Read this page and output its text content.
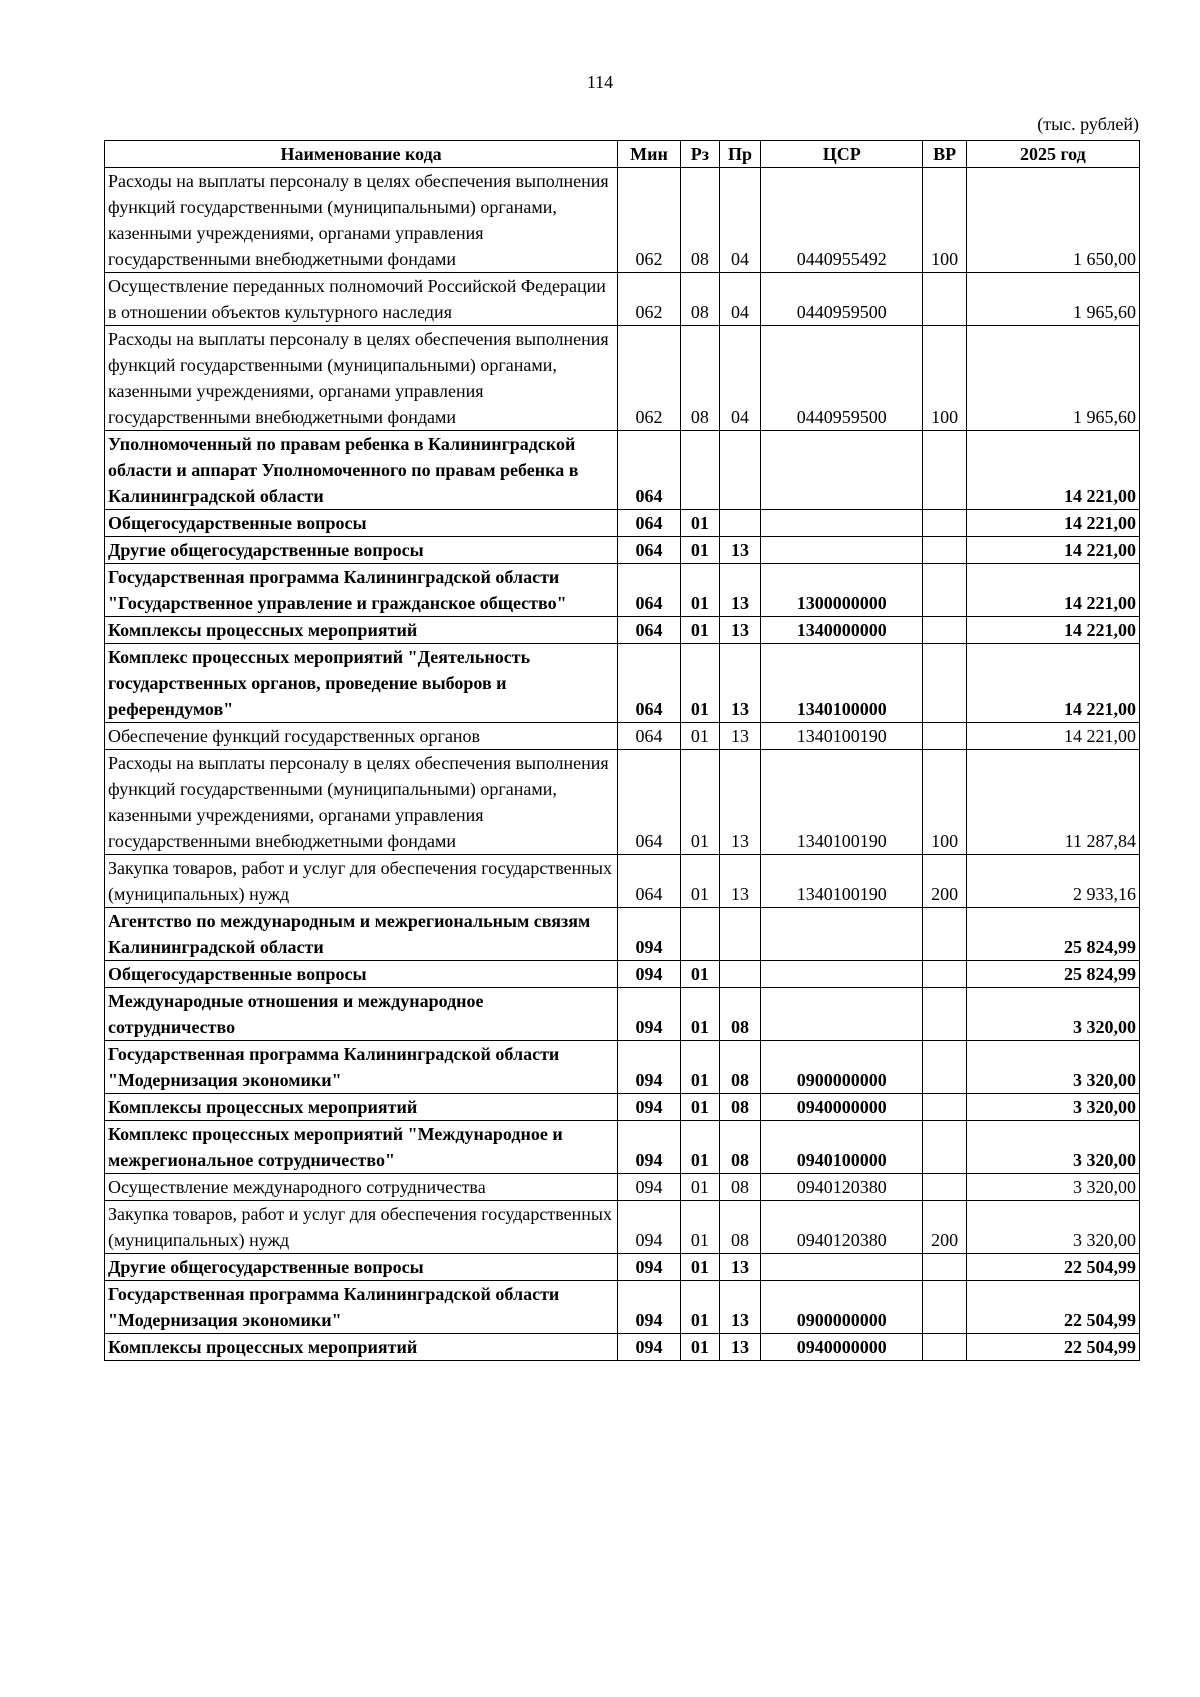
114
(тыс. рублей)
Наименование кода	Мин	Рз	Пр	ЦСР	ВР	2025 год
Расходы на выплаты персоналу в целях обеспечения выполнения функций государственными (муниципальными) органами, казенными учреждениями, органами управления государственными внебюджетными фондами	062	08	04	0440955492	100	1 650,00
Осуществление переданных полномочий Российской Федерации в отношении объектов культурного наследия	062	08	04	0440959500		1 965,60
Расходы на выплаты персоналу в целях обеспечения выполнения функций государственными (муниципальными) органами, казенными учреждениями, органами управления государственными внебюджетными фондами	062	08	04	0440959500	100	1 965,60
Уполномоченный по правам ребенка в Калининградской области и аппарат Уполномоченного по правам ребенка в Калининградской области	064					14 221,00
Общегосударственные вопросы	064	01				14 221,00
Другие общегосударственные вопросы	064	01	13			14 221,00
Государственная программа Калининградской области "Государственное управление и гражданское общество"	064	01	13	1300000000		14 221,00
Комплексы процессных мероприятий	064	01	13	1340000000		14 221,00
Комплекс процессных мероприятий "Деятельность государственных органов, проведение выборов и референдумов"	064	01	13	1340100000		14 221,00
Обеспечение функций государственных органов	064	01	13	1340100190		14 221,00
Расходы на выплаты персоналу в целях обеспечения выполнения функций государственными (муниципальными) органами, казенными учреждениями, органами управления государственными внебюджетными фондами	064	01	13	1340100190	100	11 287,84
Закупка товаров, работ и услуг для обеспечения государственных (муниципальных) нужд	064	01	13	1340100190	200	2 933,16
Агентство по международным и межрегиональным связям Калининградской области	094					25 824,99
Общегосударственные вопросы	094	01				25 824,99
Международные отношения и международное сотрудничество	094	01	08			3 320,00
Государственная программа Калининградской области "Модернизация экономики"	094	01	08	0900000000		3 320,00
Комплексы процессных мероприятий	094	01	08	0940000000		3 320,00
Комплекс процессных мероприятий "Международное и межрегиональное сотрудничество"	094	01	08	0940100000		3 320,00
Осуществление международного сотрудничества	094	01	08	0940120380		3 320,00
Закупка товаров, работ и услуг для обеспечения государственных (муниципальных) нужд	094	01	08	0940120380	200	3 320,00
Другие общегосударственные вопросы	094	01	13			22 504,99
Государственная программа Калининградской области "Модернизация экономики"	094	01	13	0900000000		22 504,99
Комплексы процессных мероприятий	094	01	13	0940000000		22 504,99
